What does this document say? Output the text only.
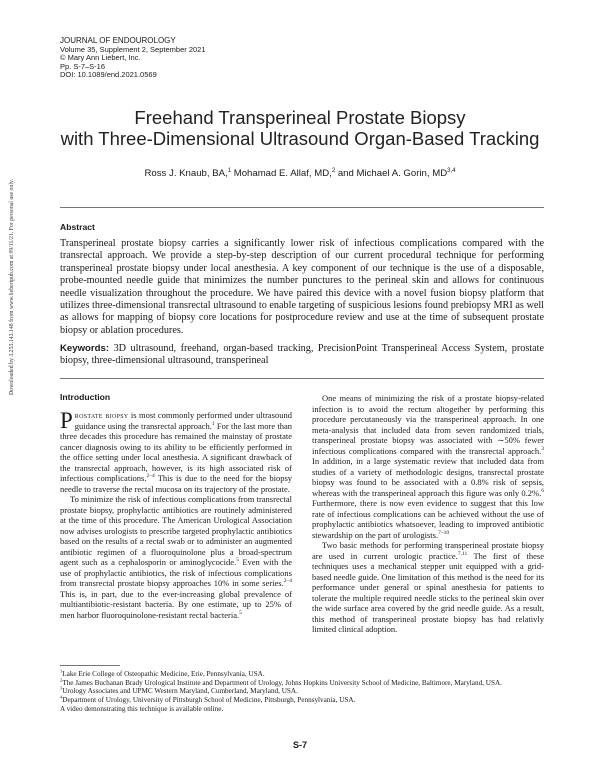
JOURNAL OF ENDOUROLOGY
Volume 35, Supplement 2, September 2021
© Mary Ann Liebert, Inc.
Pp. S-7–S-16
DOI: 10.1089/end.2021.0569
Freehand Transperineal Prostate Biopsy
with Three-Dimensional Ultrasound Organ-Based Tracking
Ross J. Knaub, BA,$^1$ Mohamad E. Allaf, MD,$^2$ and Michael A. Gorin, MD$^{3,4}$
Abstract
Transperineal prostate biopsy carries a significantly lower risk of infectious complications compared with the transrectal approach. We provide a step-by-step description of our current procedural technique for performing transperineal prostate biopsy under local anesthesia. A key component of our technique is the use of a disposable, probe-mounted needle guide that minimizes the number punctures to the perineal skin and allows for continuous needle visualization throughout the procedure. We have paired this device with a novel fusion biopsy platform that utilizes three-dimensional transrectal ultrasound to enable targeting of suspicious lesions found prebiopsy MRI as well as allows for mapping of biopsy core locations for postprocedure review and use at the time of subsequent prostate biopsy or ablation procedures.
Keywords: 3D ultrasound, freehand, organ-based tracking, PrecisionPoint Transperineal Access System, prostate biopsy, three-dimensional ultrasound, transperineal
Introduction

Prostate biopsy is most commonly performed under ultrasound guidance using the transrectal approach.$^1$ For the last more than three decades this procedure has remained the mainstay of prostate cancer diagnosis owing to its ability to be efficiently performed in the office setting under local anesthesia. A significant drawback of the transrectal approach, however, is its high associated risk of infectious complications.$^{2-4}$ This is due to the need for the biopsy needle to traverse the rectal mucosa on its trajectory of the prostate.

To minimize the risk of infectious complications from transrectal prostate biopsy, prophylactic antibiotics are routinely administered at the time of this procedure. The American Urological Association now advises urologists to prescribe targeted prophylactic antibiotics based on the results of a rectal swab or to administer an augmented antibiotic regimen of a fluoroquinolone plus a broad-spectrum agent such as a cephalosporin or aminoglycocide.$^5$ Even with the use of prophylactic antibiotics, the risk of infectious complications from transrectal prostate biopsy approaches 10% in some series.$^{2-4}$ This is, in part, due to the ever-increasing global prevalence of multiantibiotic-resistant bacteria. By one estimate, up to 25% of men harbor fluoroquinolone-resistant rectal bacteria.$^5$

One means of minimizing the risk of a prostate biopsy-related infection is to avoid the rectum altogether by performing this procedure percutaneously via the transperineal approach. In one meta-analysis that included data from seven randomized trials, transperineal prostate biopsy was associated with ∼50% fewer infectious complications compared with the transrectal approach.$^3$ In addition, in a large systematic review that included data from studies of a variety of methodologic designs, transrectal prostate biopsy was found to be associated with a 0.8% risk of sepsis, whereas with the transperineal approach this figure was only 0.2%.$^6$ Furthermore, there is now even evidence to suggest that this low rate of infectious complications can be achieved without the use of prophylactic antibiotics whatsoever, leading to improved antibiotic stewardship on the part of urologists.$^{7-10}$

Two basic methods for performing transperineal prostate biopsy are used in current urologic practice.$^{7,11}$ The first of these techniques uses a mechanical stepper unit equipped with a grid-based needle guide. One limitation of this method is the need for its performance under general or spinal anesthesia for patients to tolerate the multiple required needle sticks to the perineal skin over the wide surface area covered by the grid needle guide. As a result, this method of transperineal prostate biopsy has had relativly limited clinical adoption.

$^1$Lake Erie College of Osteopathic Medicine, Erie, Pennsylvania, USA.
$^2$The James Buchanan Brady Urological Institute and Department of Urology, Johns Hopkins University School of Medicine, Baltimore, Maryland, USA.
$^3$Urology Associates and UPMC Western Maryland, Cumberland, Maryland, USA.
$^4$Department of Urology, University of Pittsburgh School of Medicine, Pittsburgh, Pennsylvania, USA.
A video demonstrating this technique is available online.
S-7
Downloaded by 3.253.143.148 from www.liebertpub.com at 09/11/21. For personal use only.
